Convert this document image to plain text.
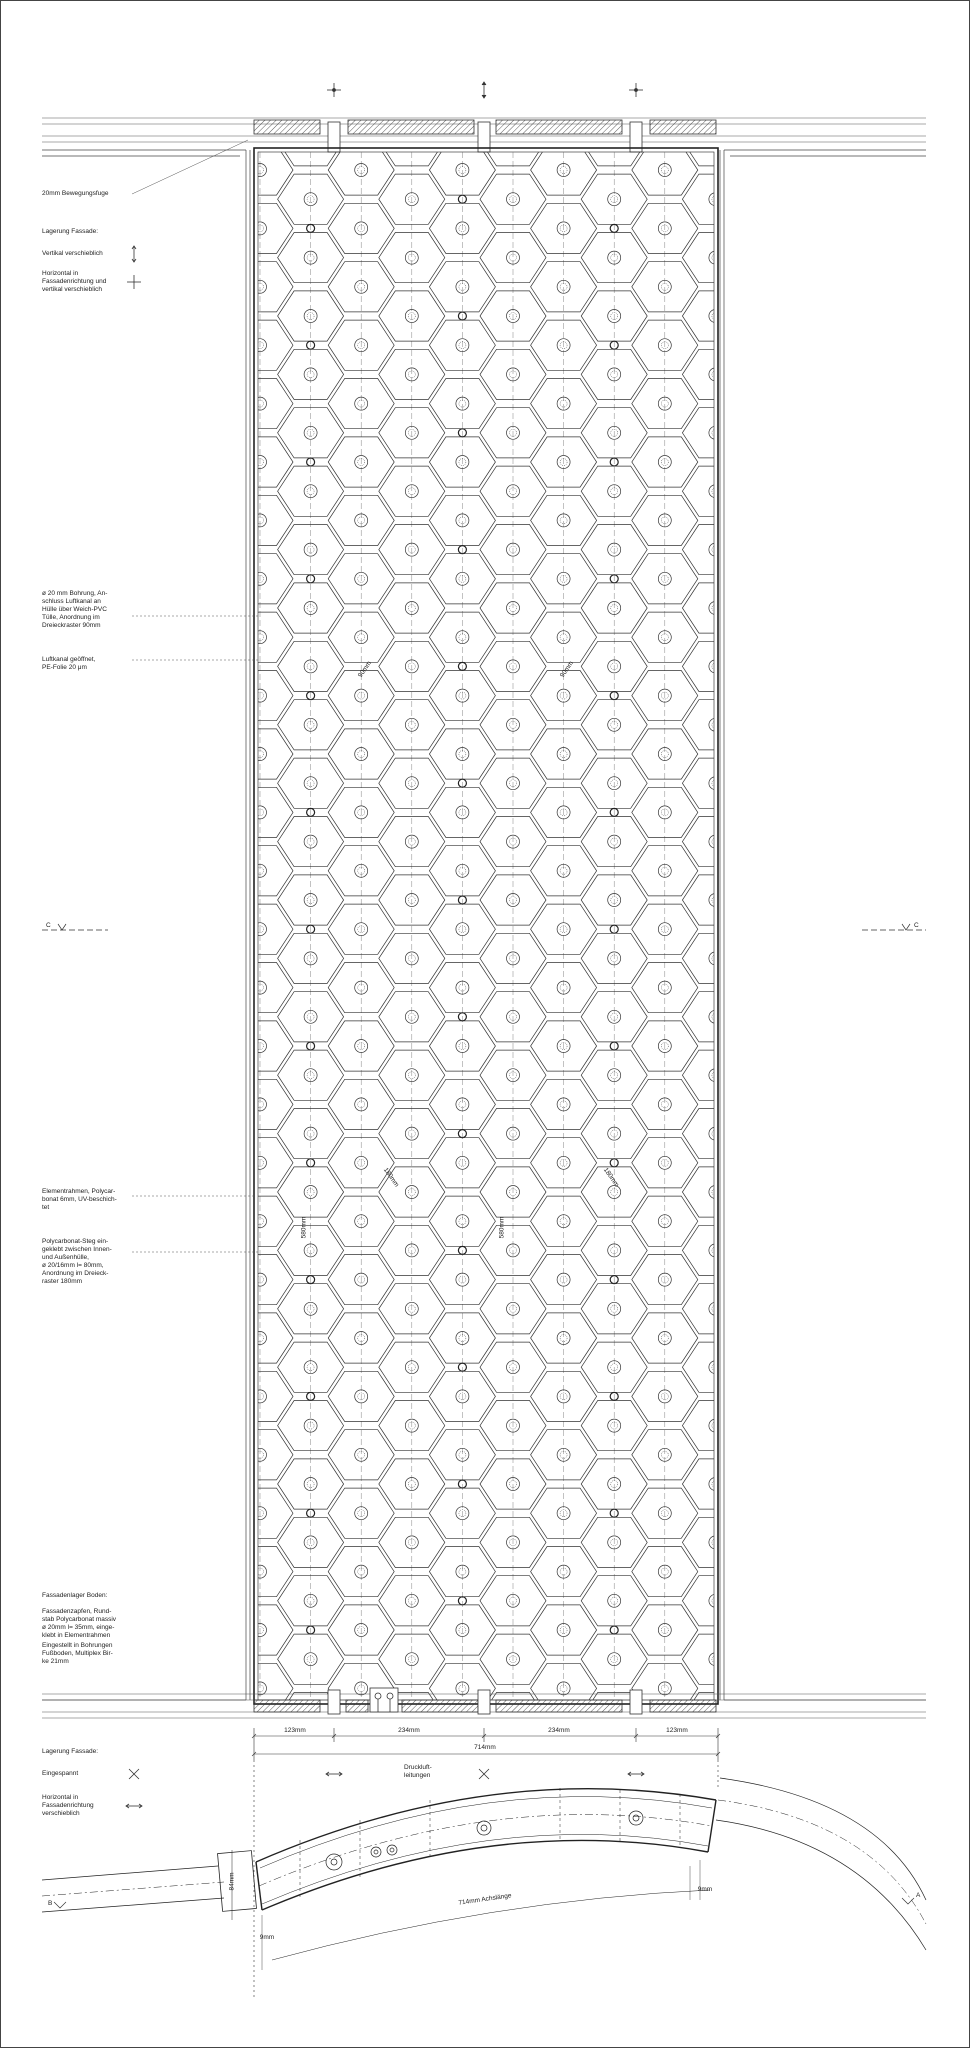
20mm Bewegungsfuge
Lagerung Fassade:
Vertikal verschieblich
Horizontal in
Fassadenrichtung und
vertikal verschieblich
ø 20 mm Bohrung, An-
schluss Luftkanal an
Hülle über Weich-PVC
Tülle, Anordnung im
Dreieckraster 90mm
Luftkanal geöffnet,
PE-Folie 20 μm
Elementrahmen, Polycar-
bonat 6mm, UV-beschich-
tet
Polycarbonat-Steg ein-
geklebt zwischen Innen-
und Außenhülle,
ø 20/16mm l= 80mm,
Anordnung im Dreieck-
raster 180mm
Fassadenlager Boden:
Fassadenzapfen, Rund-
stab Polycarbonat massiv
ø 20mm l= 35mm, einge-
klebt in Elementrahmen
Eingestellt in Bohrungen
Fußboden, Multiplex Bir-
ke 21mm
Lagerung Fassade:
Eingespannt
Horizontal in
Fassadenrichtung
verschieblich
Druckluft-
leitungen
C	C
B
A
123mm	234mm	234mm	123mm
714mm
714mm Achslänge
84mm	9mm
9mm
90mm	90mm
180mm	180mm
580mm	580mm
